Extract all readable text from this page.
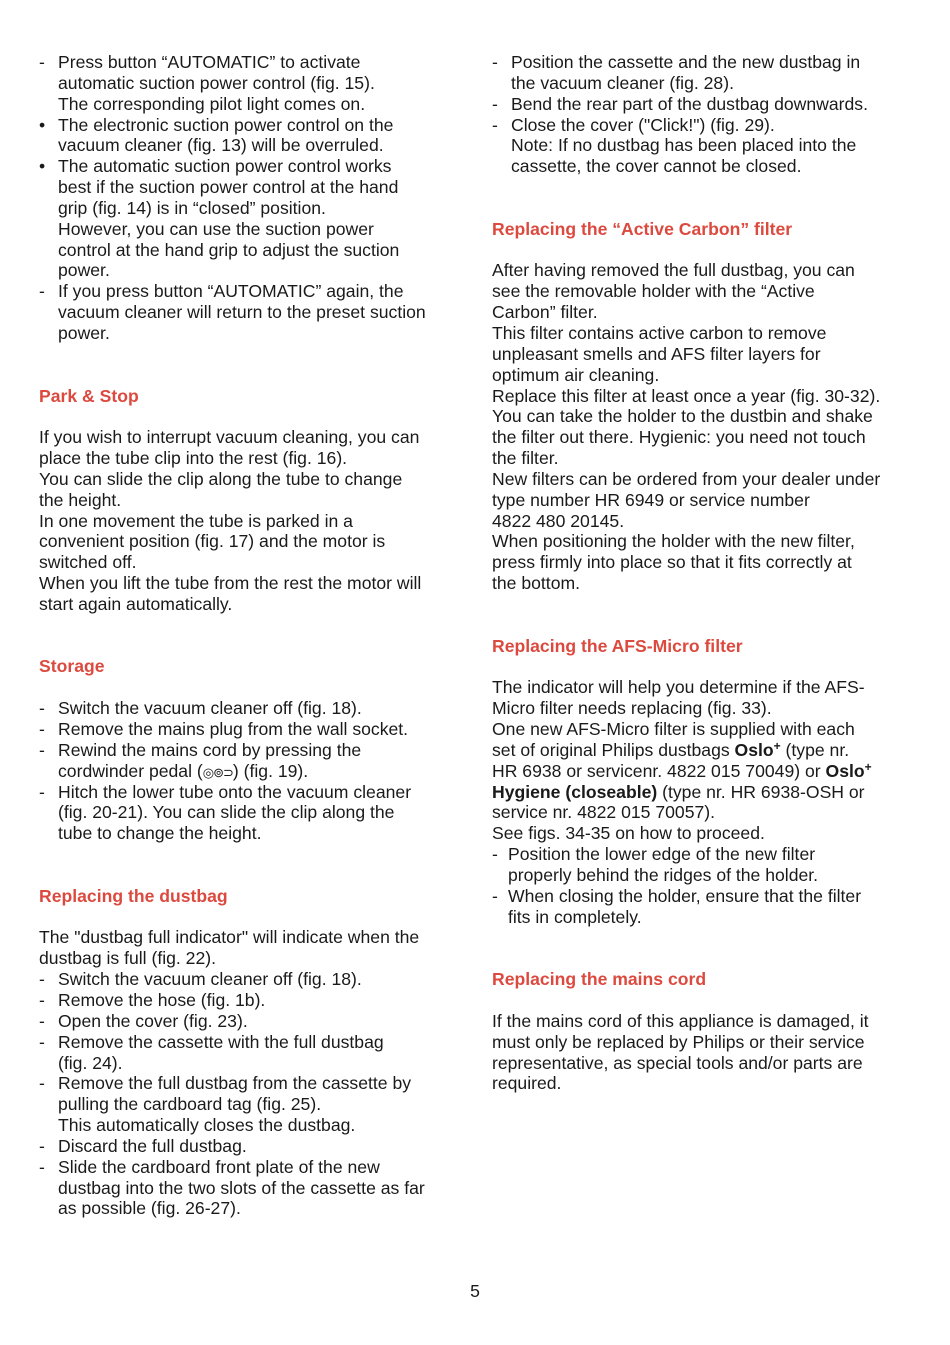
- Press button “AUTOMATIC” to activate
automatic suction power control (fig. 15).
The corresponding pilot light comes on.
• The electronic suction power control on the
vacuum cleaner (fig. 13) will be overruled.
• The automatic suction power control works
best if the suction power control at the hand
grip (fig. 14) is in “closed” position.
However, you can use the suction power
control at the hand grip to adjust the suction
power.
- If you press button “AUTOMATIC” again, the
vacuum cleaner will return to the preset suction
power.
Park & Stop
If you wish to interrupt vacuum cleaning, you can
place the tube clip into the rest (fig. 16).
You can slide the clip along the tube to change
the height.
In one movement the tube is parked in a
convenient position (fig. 17) and the motor is
switched off.
When you lift the tube from the rest the motor will
start again automatically.
Storage
- Switch the vacuum cleaner off (fig. 18).
- Remove the mains plug from the wall socket.
- Rewind the mains cord by pressing the
cordwinder pedal (◎⊚⊃) (fig. 19).
- Hitch the lower tube onto the vacuum cleaner
(fig. 20-21). You can slide the clip along the
tube to change the height.
Replacing the dustbag
The "dustbag full indicator" will indicate when the
dustbag is full (fig. 22).
- Switch the vacuum cleaner off (fig. 18).
- Remove the hose (fig. 1b).
- Open the cover (fig. 23).
- Remove the cassette with the full dustbag
(fig. 24).
- Remove the full dustbag from the cassette by
pulling the cardboard tag (fig. 25).
This automatically closes the dustbag.
- Discard the full dustbag.
- Slide the cardboard front plate of the new
dustbag into the two slots of the cassette as far
as possible (fig. 26-27).
- Position the cassette and the new dustbag in
the vacuum cleaner (fig. 28).
- Bend the rear part of the dustbag downwards.
- Close the cover ("Click!") (fig. 29).
Note: If no dustbag has been placed into the
cassette, the cover cannot be closed.
Replacing the “Active Carbon” filter
After having removed the full dustbag, you can
see the removable holder with the “Active
Carbon” filter.
This filter contains active carbon to remove
unpleasant smells and AFS filter layers for
optimum air cleaning.
Replace this filter at least once a year (fig. 30-32).
You can take the holder to the dustbin and shake
the filter out there. Hygienic: you need not touch
the filter.
New filters can be ordered from your dealer under
type number HR 6949 or service number
4822 480 20145.
When positioning the holder with the new filter,
press firmly into place so that it fits correctly at
the bottom.
Replacing the AFS-Micro filter
The indicator will help you determine if the AFS-
Micro filter needs replacing (fig. 33).
One new AFS-Micro filter is supplied with each
set of original Philips dustbags Oslo+ (type nr.
HR 6938 or servicenr. 4822 015 70049) or Oslo+
Hygiene (closeable) (type nr. HR 6938-OSH or
service nr. 4822 015 70057).
See figs. 34-35 on how to proceed.
- Position the lower edge of the new filter
properly behind the ridges of the holder.
- When closing the holder, ensure that the filter
fits in completely.
Replacing the mains cord
If the mains cord of this appliance is damaged, it
must only be replaced by Philips or their service
representative, as special tools and/or parts are
required.
5
